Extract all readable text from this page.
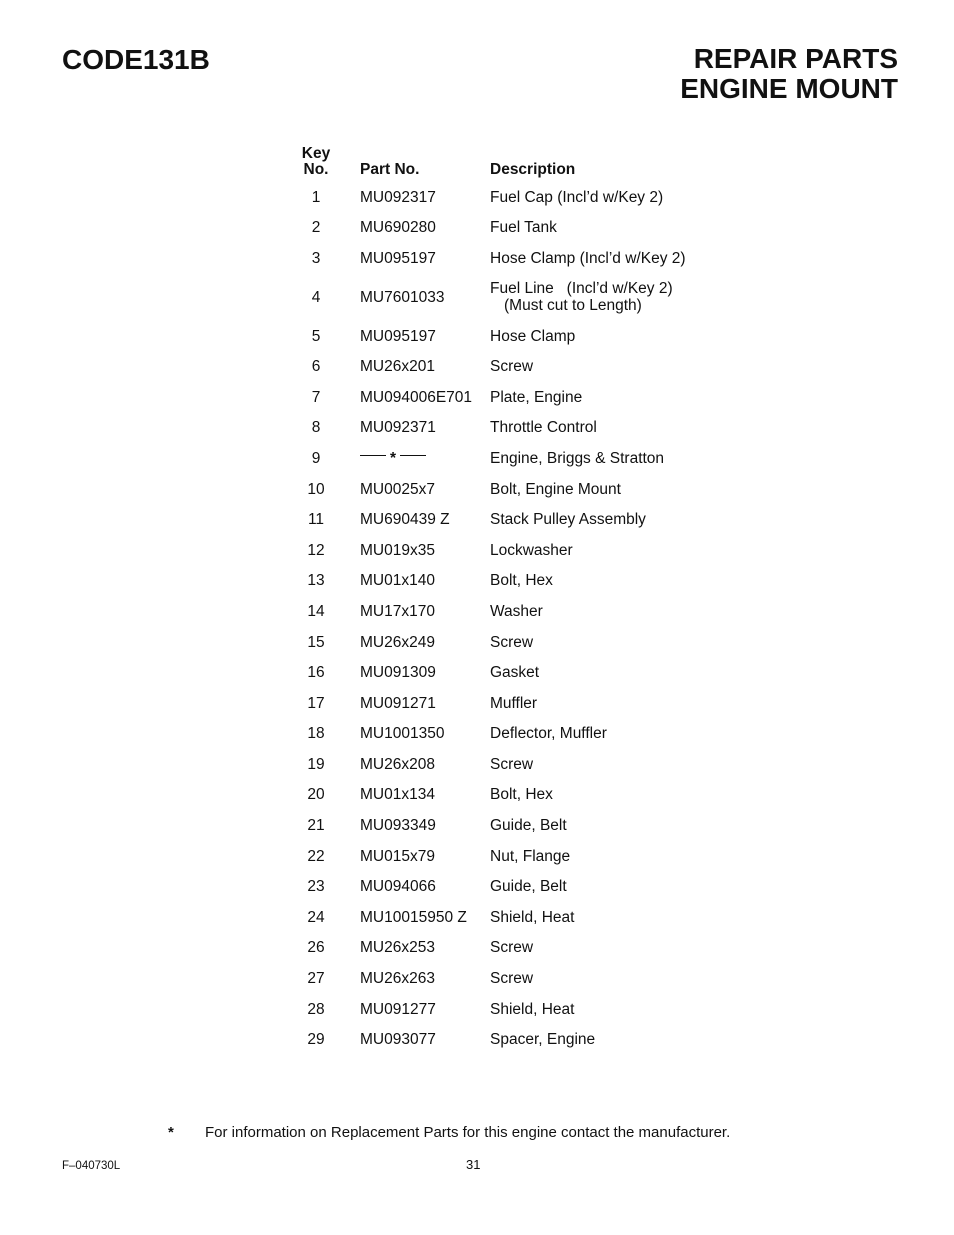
CODE131B	REPAIR PARTS
ENGINE MOUNT
Key
No.		Part No.	Description
1		MU092317	Fuel Cap (Incl’d w/Key 2)
2		MU690280	Fuel Tank
3		MU095197	Hose Clamp (Incl’d w/Key 2)
4		MU7601033	Fuel Line   (Incl’d w/Key 2)
(Must cut to Length)

5		MU095197	Hose Clamp
6		MU26x201	Screw
7		MU094006E701	Plate, Engine
8		MU092371	Throttle Control
9		*	Engine, Briggs & Stratton
10		MU0025x7	Bolt, Engine Mount
11		MU690439 Z	Stack Pulley Assembly
12		MU019x35	Lockwasher
13		MU01x140	Bolt, Hex
14		MU17x170	Washer
15		MU26x249	Screw
16		MU091309	Gasket
17		MU091271	Muffler
18		MU1001350	Deflector, Muffler
19		MU26x208	Screw
20		MU01x134	Bolt, Hex
21		MU093349	Guide, Belt
22		MU015x79	Nut, Flange
23		MU094066	Guide, Belt
24		MU10015950 Z	Shield, Heat
26		MU26x253	Screw
27		MU26x263	Screw
28		MU091277	Shield, Heat
29		MU093077	Spacer, Engine
* For information on Replacement Parts for this engine contact the manufacturer.
F–040730L	31
